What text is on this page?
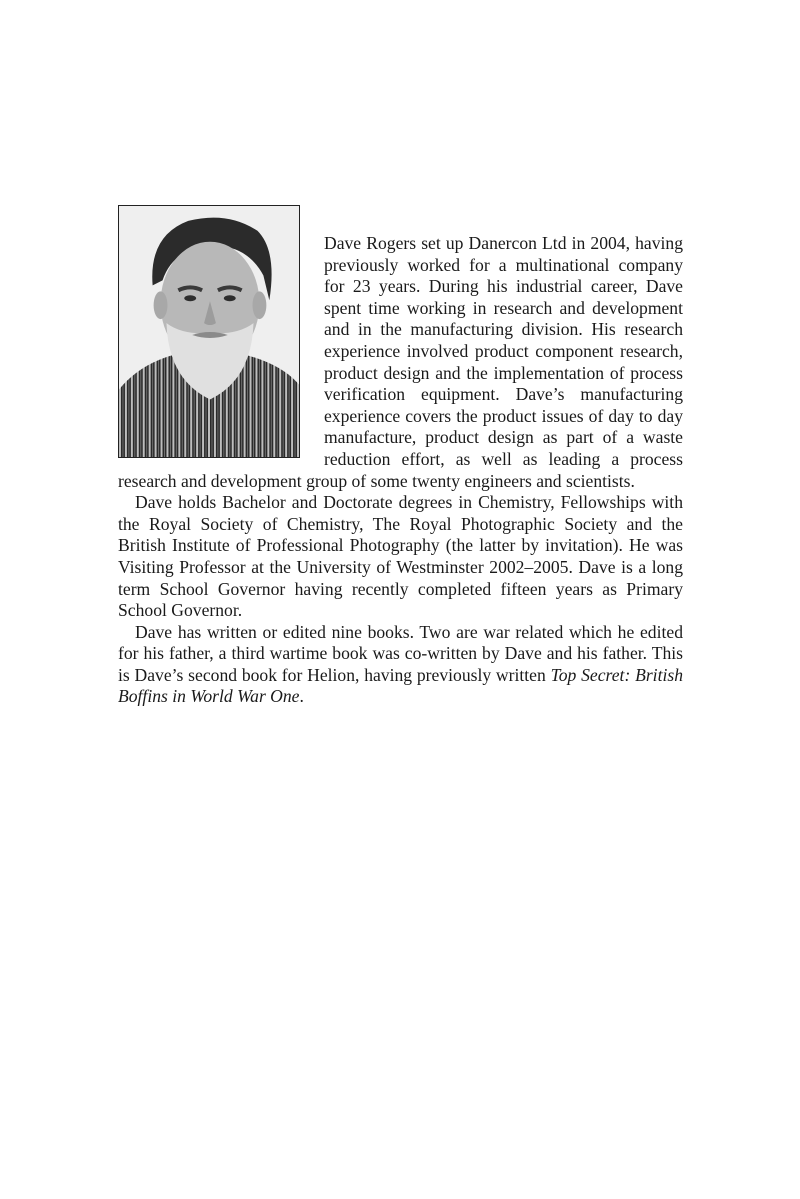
Dave Rogers set up Danercon Ltd in 2004, having previously worked for a multinational company for 23 years. During his industrial career, Dave spent time working in research and development and in the manufacturing division. His research experience involved product component research, product design and the implementation of process verification equipment. Dave’s manufacturing experience covers the product issues of day to day manufacture, product design as part of a waste reduction effort, as well as leading a process research and development group of some twenty engineers and scientists.

Dave holds Bachelor and Doctorate degrees in Chemistry, Fellowships with the Royal Society of Chemistry, The Royal Photographic Society and the British Institute of Professional Photography (the latter by invitation). He was Visiting Professor at the University of Westminster 2002–2005. Dave is a long term School Governor having recently completed fifteen years as Primary School Governor.

Dave has written or edited nine books. Two are war related which he edited for his father, a third wartime book was co-written by Dave and his father. This is Dave’s second book for Helion, having previously written Top Secret: British Boffins in World War One.
